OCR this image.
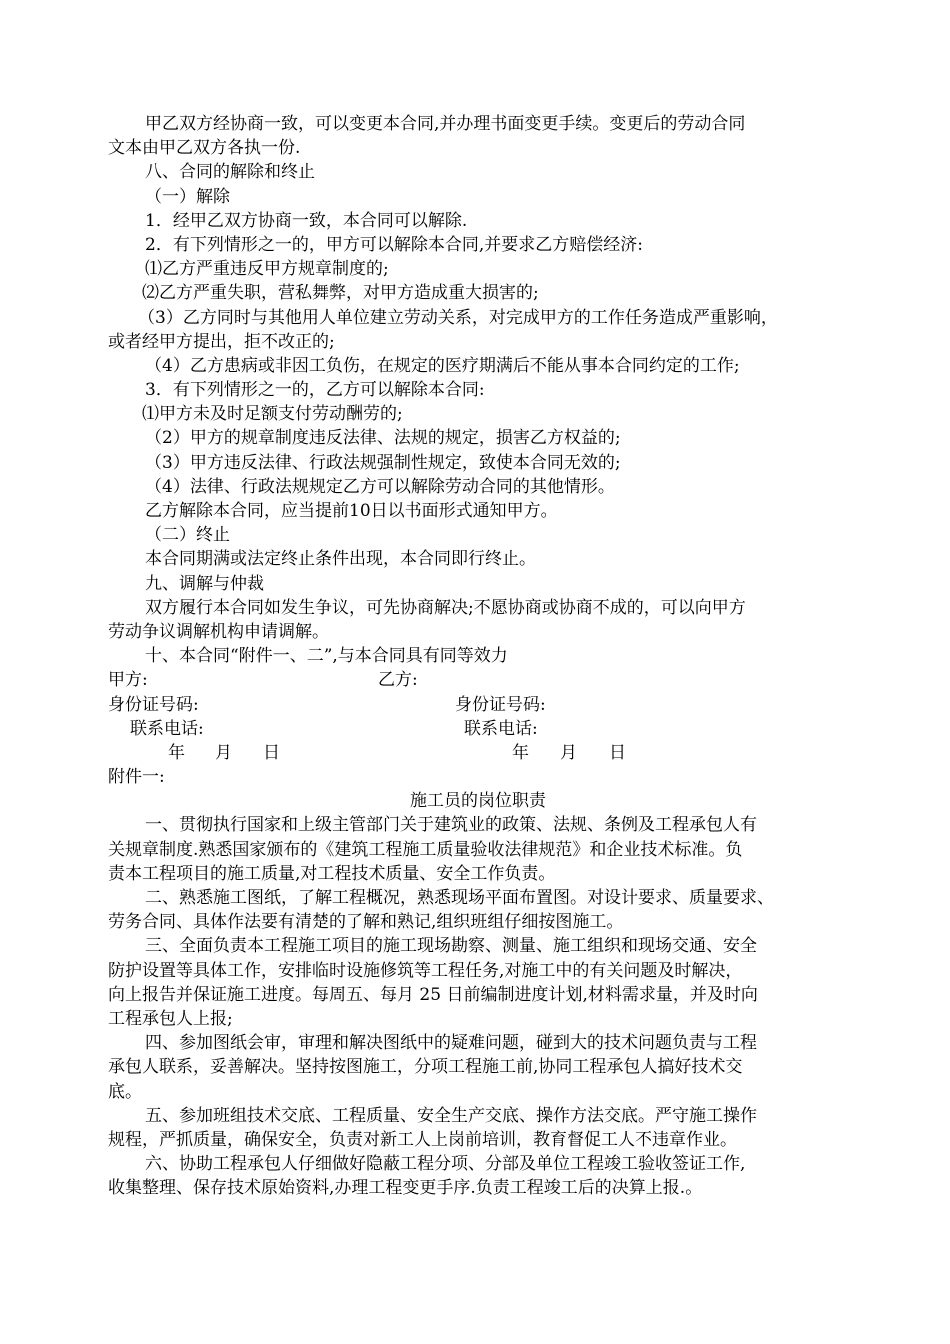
甲乙双方经协商一致，可以变更本合同,并办理书面变更手续。变更后的劳动合同
文本由甲乙双方各执一份.
八、合同的解除和终止
（一）解除
1．经甲乙双方协商一致，本合同可以解除.
2．有下列情形之一的，甲方可以解除本合同,并要求乙方赔偿经济:
⑴乙方严重违反甲方规章制度的;
⑵乙方严重失职，营私舞弊，对甲方造成重大损害的;
（3）乙方同时与其他用人单位建立劳动关系，对完成甲方的工作任务造成严重影响，
或者经甲方提出，拒不改正的;
（4）乙方患病或非因工负伤，在规定的医疗期满后不能从事本合同约定的工作;
3．有下列情形之一的，乙方可以解除本合同:
⑴甲方未及时足额支付劳动酬劳的;
（2）甲方的规章制度违反法律、法规的规定，损害乙方权益的;
（3）甲方违反法律、行政法规强制性规定，致使本合同无效的;
（4）法律、行政法规规定乙方可以解除劳动合同的其他情形。
乙方解除本合同，应当提前10日以书面形式通知甲方。
（二）终止
本合同期满或法定终止条件出现，本合同即行终止。
九、调解与仲裁
双方履行本合同如发生争议，可先协商解决;不愿协商或协商不成的，可以向甲方
劳动争议调解机构申请调解。
十、本合同“附件一、二”,与本合同具有同等效力
甲方:	乙方:
身份证号码:	身份证号码:
联系电话:	联系电话:
年 月 日	年 月 日
附件一:
施工员的岗位职责
一、贯彻执行国家和上级主管部门关于建筑业的政策、法规、条例及工程承包人有
关规章制度.熟悉国家颁布的《建筑工程施工质量验收法律规范》和企业技术标准。负
责本工程项目的施工质量,对工程技术质量、安全工作负责。
二、熟悉施工图纸，了解工程概况，熟悉现场平面布置图。对设计要求、质量要求、
劳务合同、具体作法要有清楚的了解和熟记,组织班组仔细按图施工。
三、全面负责本工程施工项目的施工现场勘察、测量、施工组织和现场交通、安全
防护设置等具体工作，安排临时设施修筑等工程任务,对施工中的有关问题及时解决，
向上报告并保证施工进度。每周五、每月 25 日前编制进度计划,材料需求量，并及时向
工程承包人上报;
四、参加图纸会审，审理和解决图纸中的疑难问题，碰到大的技术问题负责与工程
承包人联系，妥善解决。坚持按图施工，分项工程施工前,协同工程承包人搞好技术交
底。
五、参加班组技术交底、工程质量、安全生产交底、操作方法交底。严守施工操作
规程，严抓质量，确保安全，负责对新工人上岗前培训，教育督促工人不违章作业。
六、协助工程承包人仔细做好隐蔽工程分项、分部及单位工程竣工验收签证工作,
收集整理、保存技术原始资料,办理工程变更手序.负责工程竣工后的决算上报.。
